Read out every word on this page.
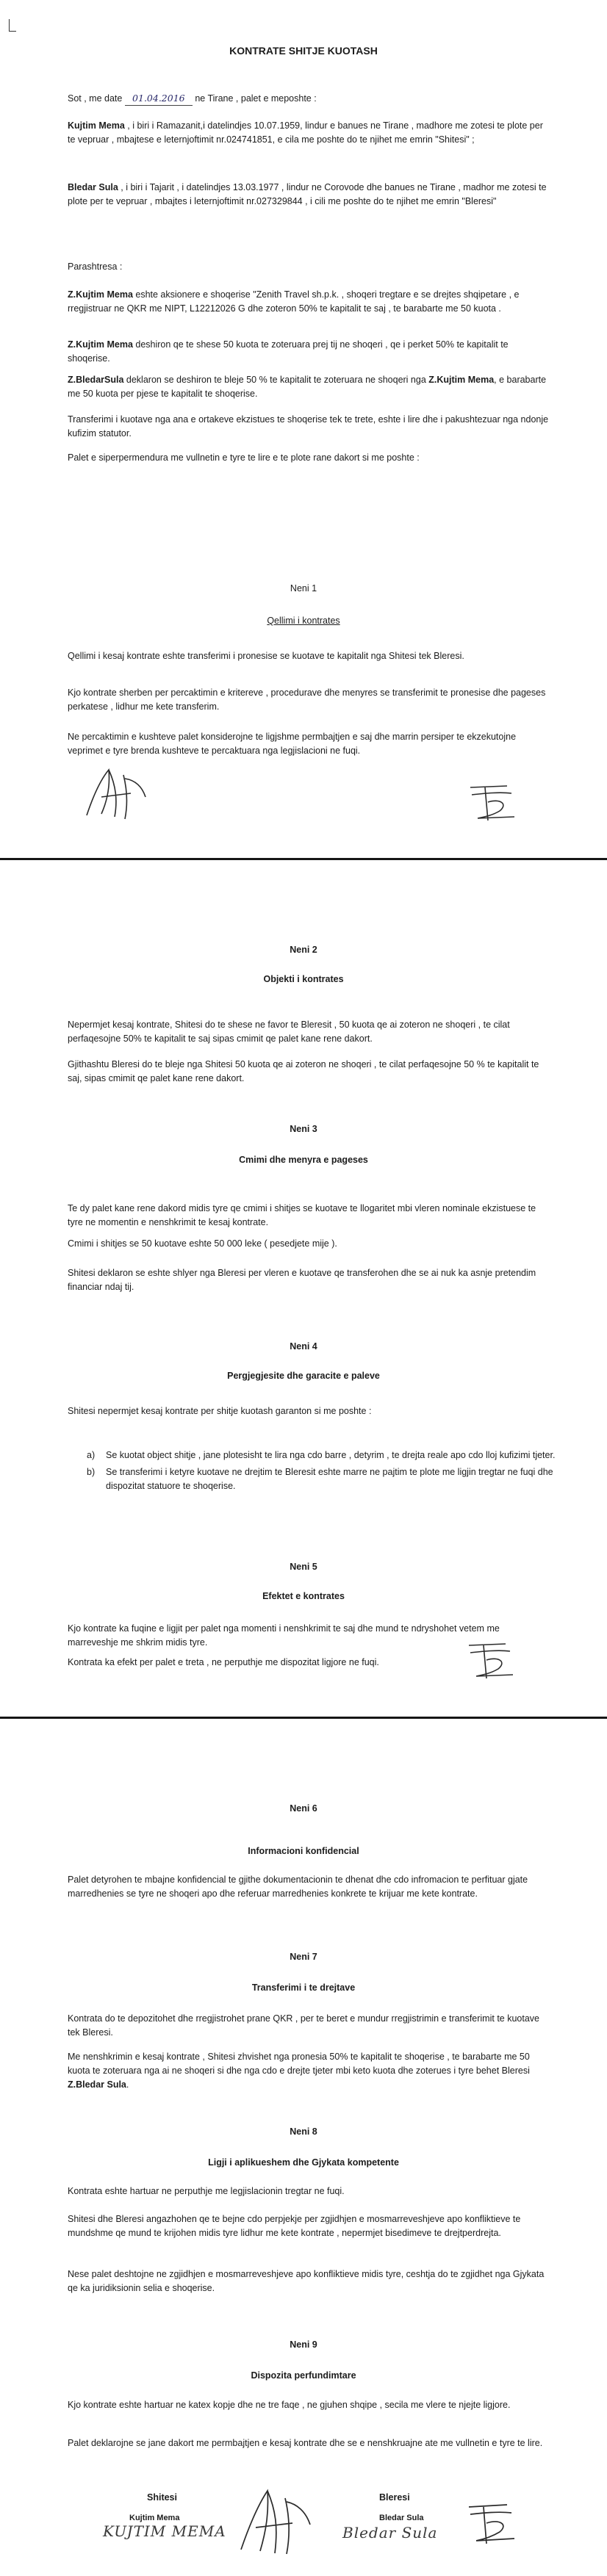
KONTRATE SHITJE KUOTASH

Sot , me date 01.04.2016 ne Tirane , palet e meposhte :

Kujtim Mema , i biri i Ramazanit,i datelindjes 10.07.1959, lindur e banues ne Tirane , madhore me zotesi te plote per te vepruar , mbajtese e leternjoftimit nr.024741851, e cila me poshte do te njihet me emrin "Shitesi" ;

Bledar Sula , i biri i Tajarit , i datelindjes 13.03.1977 , lindur ne Corovode dhe banues ne Tirane , madhor me zotesi te plote per te vepruar , mbajtes i leternjoftimit nr.027329844 , i cili me poshte do te njihet me emrin "Bleresi"

Parashtresa :

Z.Kujtim Mema eshte aksionere e shoqerise "Zenith Travel sh.p.k. , shoqeri tregtare e se drejtes shqipetare , e rregjistruar ne QKR me NIPT, L12212026 G dhe zoteron 50% te kapitalit te saj , te barabarte me 50 kuota .

Z.Kujtim Mema deshiron qe te shese 50 kuota te zoteruara prej tij ne shoqeri , qe i perket 50% te kapitalit te shoqerise.

Z.BledarSula deklaron se deshiron te bleje 50 % te kapitalit te zoteruara ne shoqeri nga Z.Kujtim Mema, e barabarte me 50 kuota per pjese te kapitalit te shoqerise.

Transferimi i kuotave nga ana e ortakeve ekzistues te shoqerise tek te trete, eshte i lire dhe i pakushtezuar nga ndonje kufizim statutor.

Palet e siperpermendura me vullnetin e tyre te lire e te plote rane dakort si me poshte :

Neni 1
Qellimi i kontrates

Qellimi i kesaj kontrate eshte transferimi i pronesise se kuotave te kapitalit nga Shitesi tek Bleresi.

Kjo kontrate sherben per percaktimin e kritereve , procedurave dhe menyres se transferimit te pronesise dhe pageses perkatese , lidhur me kete transferim.

Ne percaktimin e kushteve palet konsiderojne te ligjshme permbajtjen e saj dhe marrin persiper te ekzekutojne veprimet e tyre brenda kushteve te percaktuara nga legjislacioni ne fuqi.

Neni 2
Objekti i kontrates

Nepermjet kesaj kontrate, Shitesi do te shese ne favor te Bleresit , 50 kuota qe ai zoteron ne shoqeri , te cilat perfaqesojne 50% te kapitalit te saj sipas cmimit qe palet kane rene dakort.

Gjithashtu Bleresi do te bleje nga Shitesi 50 kuota qe ai zoteron ne shoqeri , te cilat perfaqesojne 50 % te kapitalit te saj, sipas cmimit qe palet kane rene dakort.

Neni 3
Cmimi dhe menyra e pageses

Te dy palet kane rene dakord midis tyre qe cmimi i shitjes se kuotave te llogaritet mbi vleren nominale ekzistuese te tyre ne momentin e nenshkrimit te kesaj kontrate.

Cmimi i shitjes se 50 kuotave eshte 50 000 leke ( pesedjete mije ).

Shitesi deklaron se eshte shlyer nga Bleresi per vleren e kuotave qe transferohen dhe se ai nuk ka asnje pretendim financiar ndaj tij.

Neni 4
Pergjegjesite dhe garacite e paleve

Shitesi nepermjet kesaj kontrate per shitje kuotash garanton si me poshte :

a) Se kuotat object shitje , jane plotesisht te lira nga cdo barre , detyrim , te drejta reale apo cdo lloj kufizimi tjeter.
b) Se transferimi i ketyre kuotave ne drejtim te Bleresit eshte marre ne pajtim te plote me ligjin tregtar ne fuqi dhe dispozitat statuore te shoqerise.
Neni 5
Efektet e kontrates

Kjo kontrate ka fuqine e ligjit per palet nga momenti i nenshkrimit te saj dhe mund te ndryshohet vetem me marreveshje me shkrim midis tyre.

Kontrata ka efekt per palet e treta , ne perputhje me dispozitat ligjore ne fuqi.

Neni 6
Informacioni konfidencial

Palet detyrohen te mbajne konfidencial te gjithe dokumentacionin te dhenat dhe cdo infromacion te perfituar gjate marredhenies se tyre ne shoqeri apo dhe referuar marredhenies konkrete te krijuar me kete kontrate.

Neni 7
Transferimi i te drejtave

Kontrata do te depozitohet dhe rregjistrohet prane QKR , per te beret e mundur rregjistrimin e transferimit te kuotave tek Bleresi.

Me nenshkrimin e kesaj kontrate , Shitesi zhvishet nga pronesia 50% te kapitalit te shoqerise , te barabarte me 50 kuota te zoteruara nga ai ne shoqeri si dhe nga cdo e drejte tjeter mbi keto kuota dhe zoterues i tyre behet Bleresi Z.Bledar Sula.

Neni 8
Ligji i aplikueshem dhe Gjykata kompetente

Kontrata eshte hartuar ne perputhje me legjislacionin tregtar ne fuqi.

Shitesi dhe Bleresi angazhohen qe te bejne cdo perpjekje per zgjidhjen e mosmarreveshjeve apo konfliktieve te mundshme qe mund te krijohen midis tyre lidhur me kete kontrate , nepermjet bisedimeve te drejtperdrejta.

Nese palet deshtojne ne zgjidhjen e mosmarreveshjeve apo konfliktieve midis tyre, ceshtja do te zgjidhet nga Gjykata qe ka juridiksionin selia e shoqerise.

Neni 9
Dispozita perfundimtare

Kjo kontrate eshte hartuar ne katex kopje dhe ne tre faqe , ne gjuhen shqipe , secila me vlere te njejte ligjore.

Palet deklarojne se jane dakort me permbajtjen e kesaj kontrate dhe se e nenshkruajne ate me vullnetin e tyre te lire.

Shitesi	Bleresi
Kujtim Mema	Bledar Sula
KUJTIM MEMA	Bledar Sula
